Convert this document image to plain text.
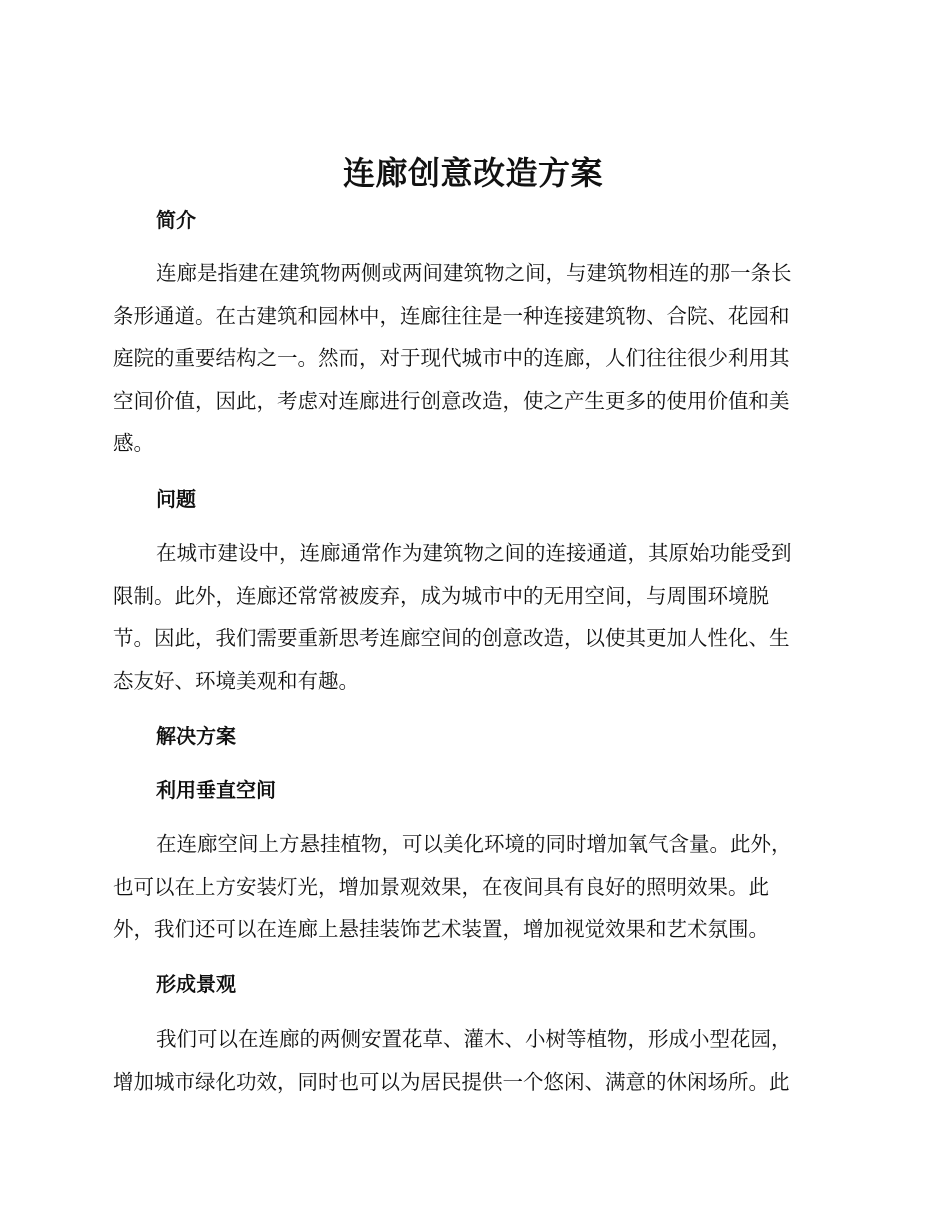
连廊创意改造方案
简介
连廊是指建在建筑物两侧或两间建筑物之间，与建筑物相连的那一条长
条形通道。在古建筑和园林中，连廊往往是一种连接建筑物、合院、花园和
庭院的重要结构之一。然而，对于现代城市中的连廊，人们往往很少利用其
空间价值，因此，考虑对连廊进行创意改造，使之产生更多的使用价值和美
感。
问题
在城市建设中，连廊通常作为建筑物之间的连接通道，其原始功能受到
限制。此外，连廊还常常被废弃，成为城市中的无用空间，与周围环境脱
节。因此，我们需要重新思考连廊空间的创意改造，以使其更加人性化、生
态友好、环境美观和有趣。
解决方案
利用垂直空间
在连廊空间上方悬挂植物，可以美化环境的同时增加氧气含量。此外，
也可以在上方安装灯光，增加景观效果，在夜间具有良好的照明效果。此
外，我们还可以在连廊上悬挂装饰艺术装置，增加视觉效果和艺术氛围。
形成景观
我们可以在连廊的两侧安置花草、灌木、小树等植物，形成小型花园，
增加城市绿化功效，同时也可以为居民提供一个悠闲、满意的休闲场所。此
